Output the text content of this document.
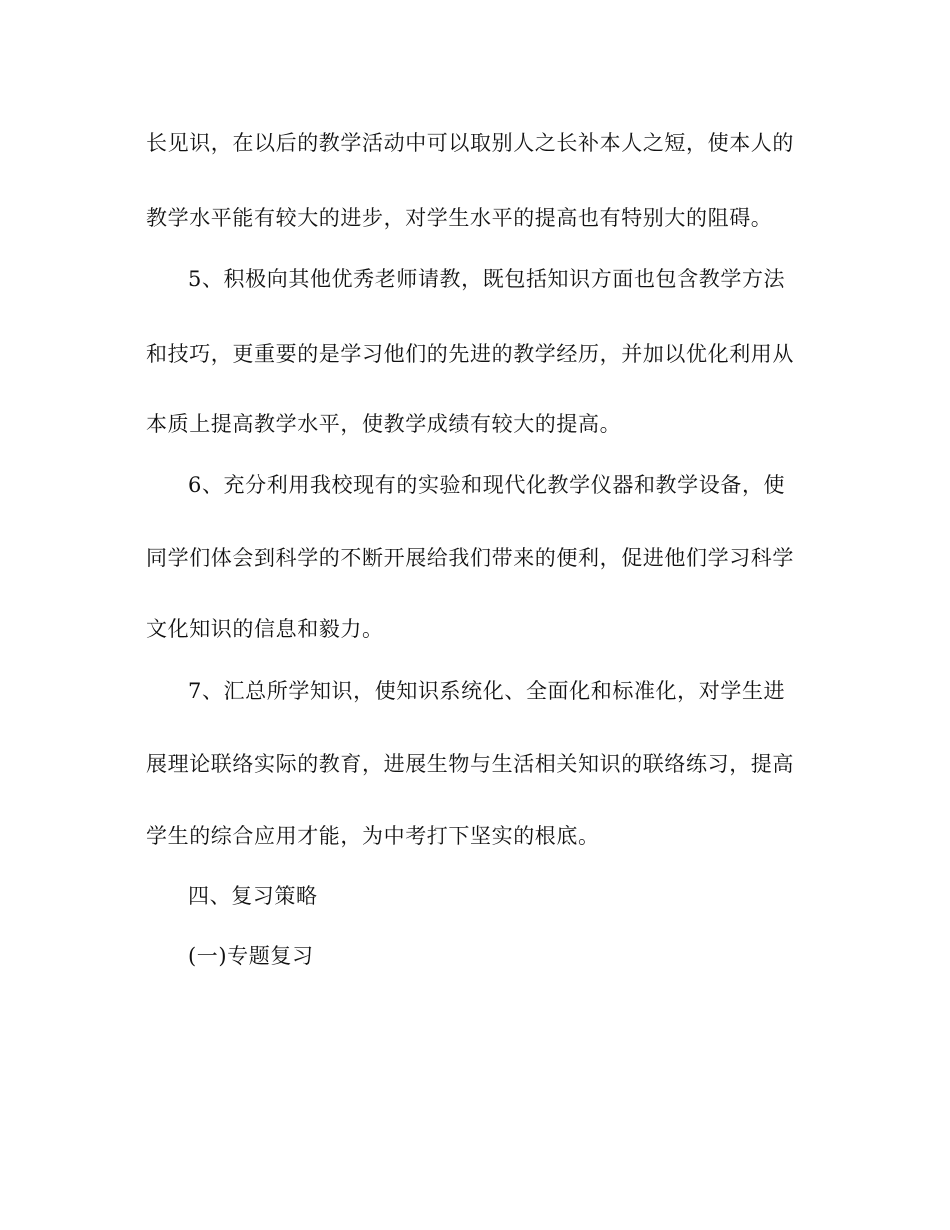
长见识，在以后的教学活动中可以取别人之长补本人之短，使本人的
教学水平能有较大的进步，对学生水平的提高也有特别大的阻碍。
5、积极向其他优秀老师请教，既包括知识方面也包含教学方法
和技巧，更重要的是学习他们的先进的教学经历，并加以优化利用从
本质上提高教学水平，使教学成绩有较大的提高。
6、充分利用我校现有的实验和现代化教学仪器和教学设备，使
同学们体会到科学的不断开展给我们带来的便利，促进他们学习科学
文化知识的信息和毅力。
7、汇总所学知识，使知识系统化、全面化和标准化，对学生进
展理论联络实际的教育，进展生物与生活相关知识的联络练习，提高
学生的综合应用才能，为中考打下坚实的根底。
四、复习策略
(一)专题复习
